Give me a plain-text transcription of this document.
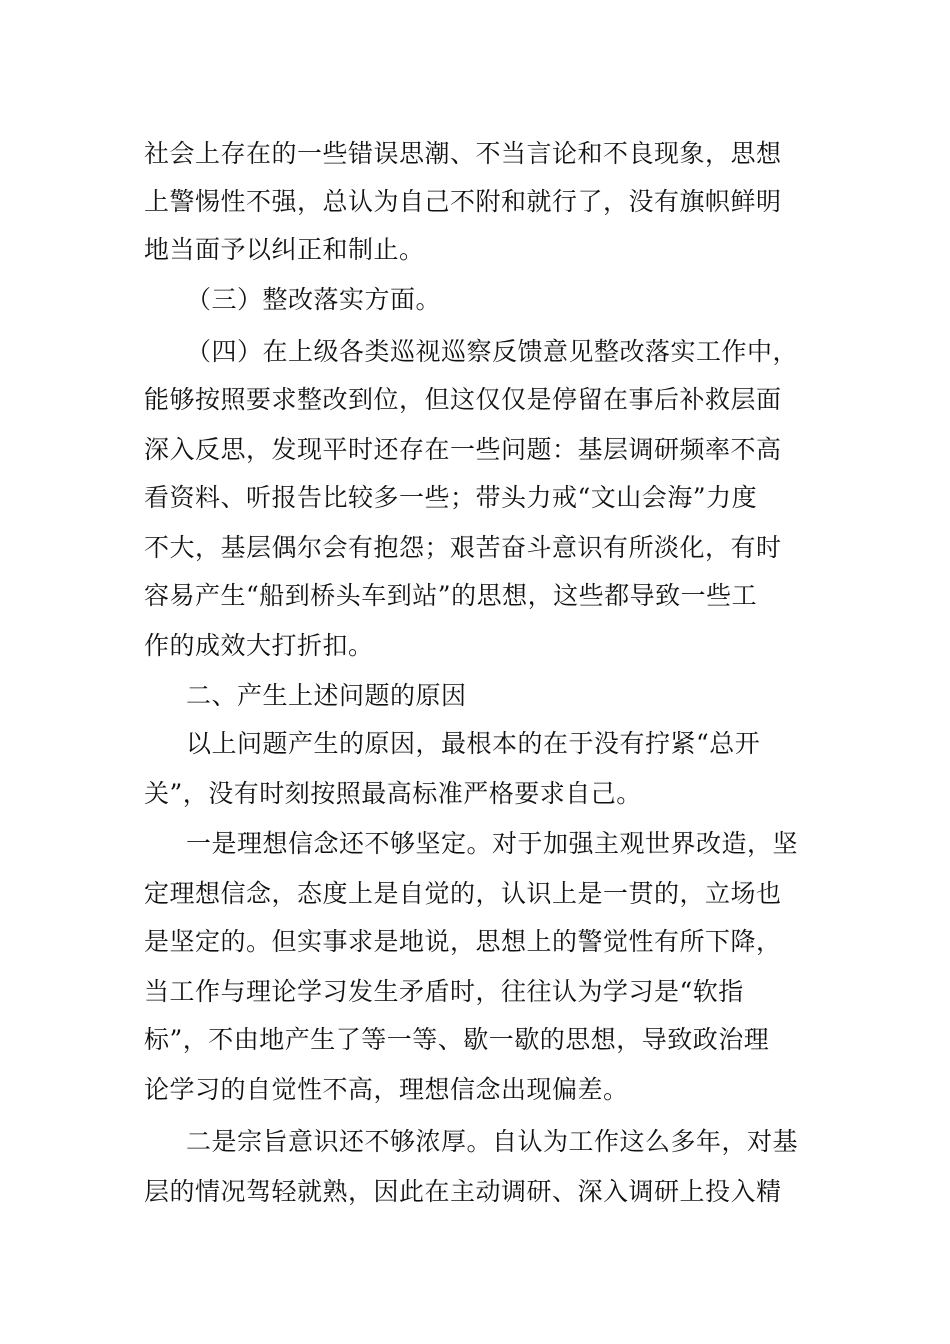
社会上存在的一些错误思潮、不当言论和不良现象，思想

上警惕性不强，总认为自己不附和就行了，没有旗帜鲜明

地当面予以纠正和制止。

（三）整改落实方面。

（四）在上级各类巡视巡察反馈意见整改落实工作中，

能够按照要求整改到位，但这仅仅是停留在事后补救层面

深入反思，发现平时还存在一些问题：基层调研频率不高

看资料、听报告比较多一些；带头力戒“文山会海”力度

不大，基层偶尔会有抱怨；艰苦奋斗意识有所淡化，有时

容易产生“船到桥头车到站”的思想，这些都导致一些工

作的成效大打折扣。

二、产生上述问题的原因

以上问题产生的原因，最根本的在于没有拧紧“总开

关”，没有时刻按照最高标准严格要求自己。

一是理想信念还不够坚定。对于加强主观世界改造，坚

定理想信念，态度上是自觉的，认识上是一贯的，立场也

是坚定的。但实事求是地说，思想上的警觉性有所下降，

当工作与理论学习发生矛盾时，往往认为学习是“软指

标”，不由地产生了等一等、歇一歇的思想，导致政治理

论学习的自觉性不高，理想信念出现偏差。

二是宗旨意识还不够浓厚。自认为工作这么多年，对基

层的情况驾轻就熟，因此在主动调研、深入调研上投入精
